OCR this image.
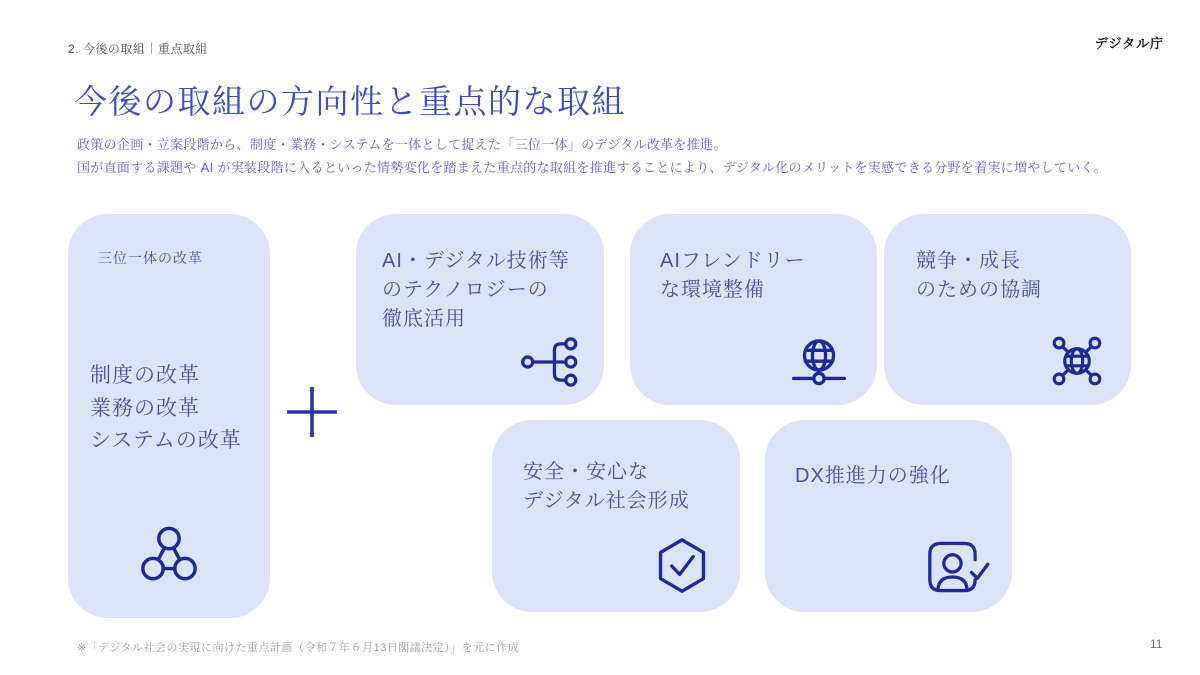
2. 今後の取組｜重点取組	デジタル庁
今後の取組の方向性と重点的な取組
政策の企画・立案段階から、制度・業務・システムを一体として捉えた「三位一体」のデジタル改革を推進。
国が直面する課題や AI が実装段階に入るといった情勢変化を踏まえた重点的な取組を推進することにより、デジタル化のメリットを実感できる分野を着実に増やしていく。
三位一体の改革
制度の改革
業務の改革
システムの改革
AI・デジタル技術等
のテクノロジーの
徹底活用
AIフレンドリー
な環境整備
競争・成長
のための協調
安全・安心な
デジタル社会形成
DX推進力の強化
※「デジタル社会の実現に向けた重点計画（令和７年６月13日閣議決定）」を元に作成	11
